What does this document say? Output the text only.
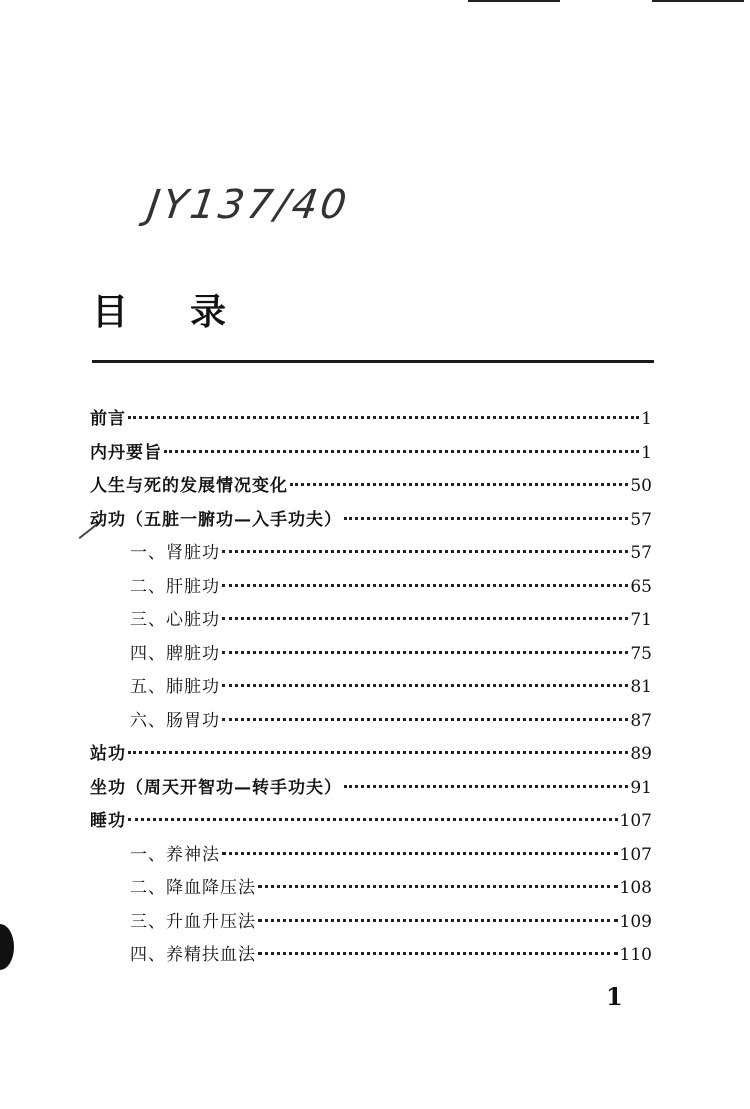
JY137/40
目录
前言	1
内丹要旨	1
人生与死的发展情况变化	50
动功（五脏一腑功—入手功夫）	57
一、肾脏功	57
二、肝脏功	65
三、心脏功	71
四、脾脏功	75
五、肺脏功	81
六、肠胃功	87
站功	89
坐功（周天开智功—转手功夫）	91
睡功	107
一、养神法	107
二、降血降压法	108
三、升血升压法	109
四、养精扶血法	110
1
